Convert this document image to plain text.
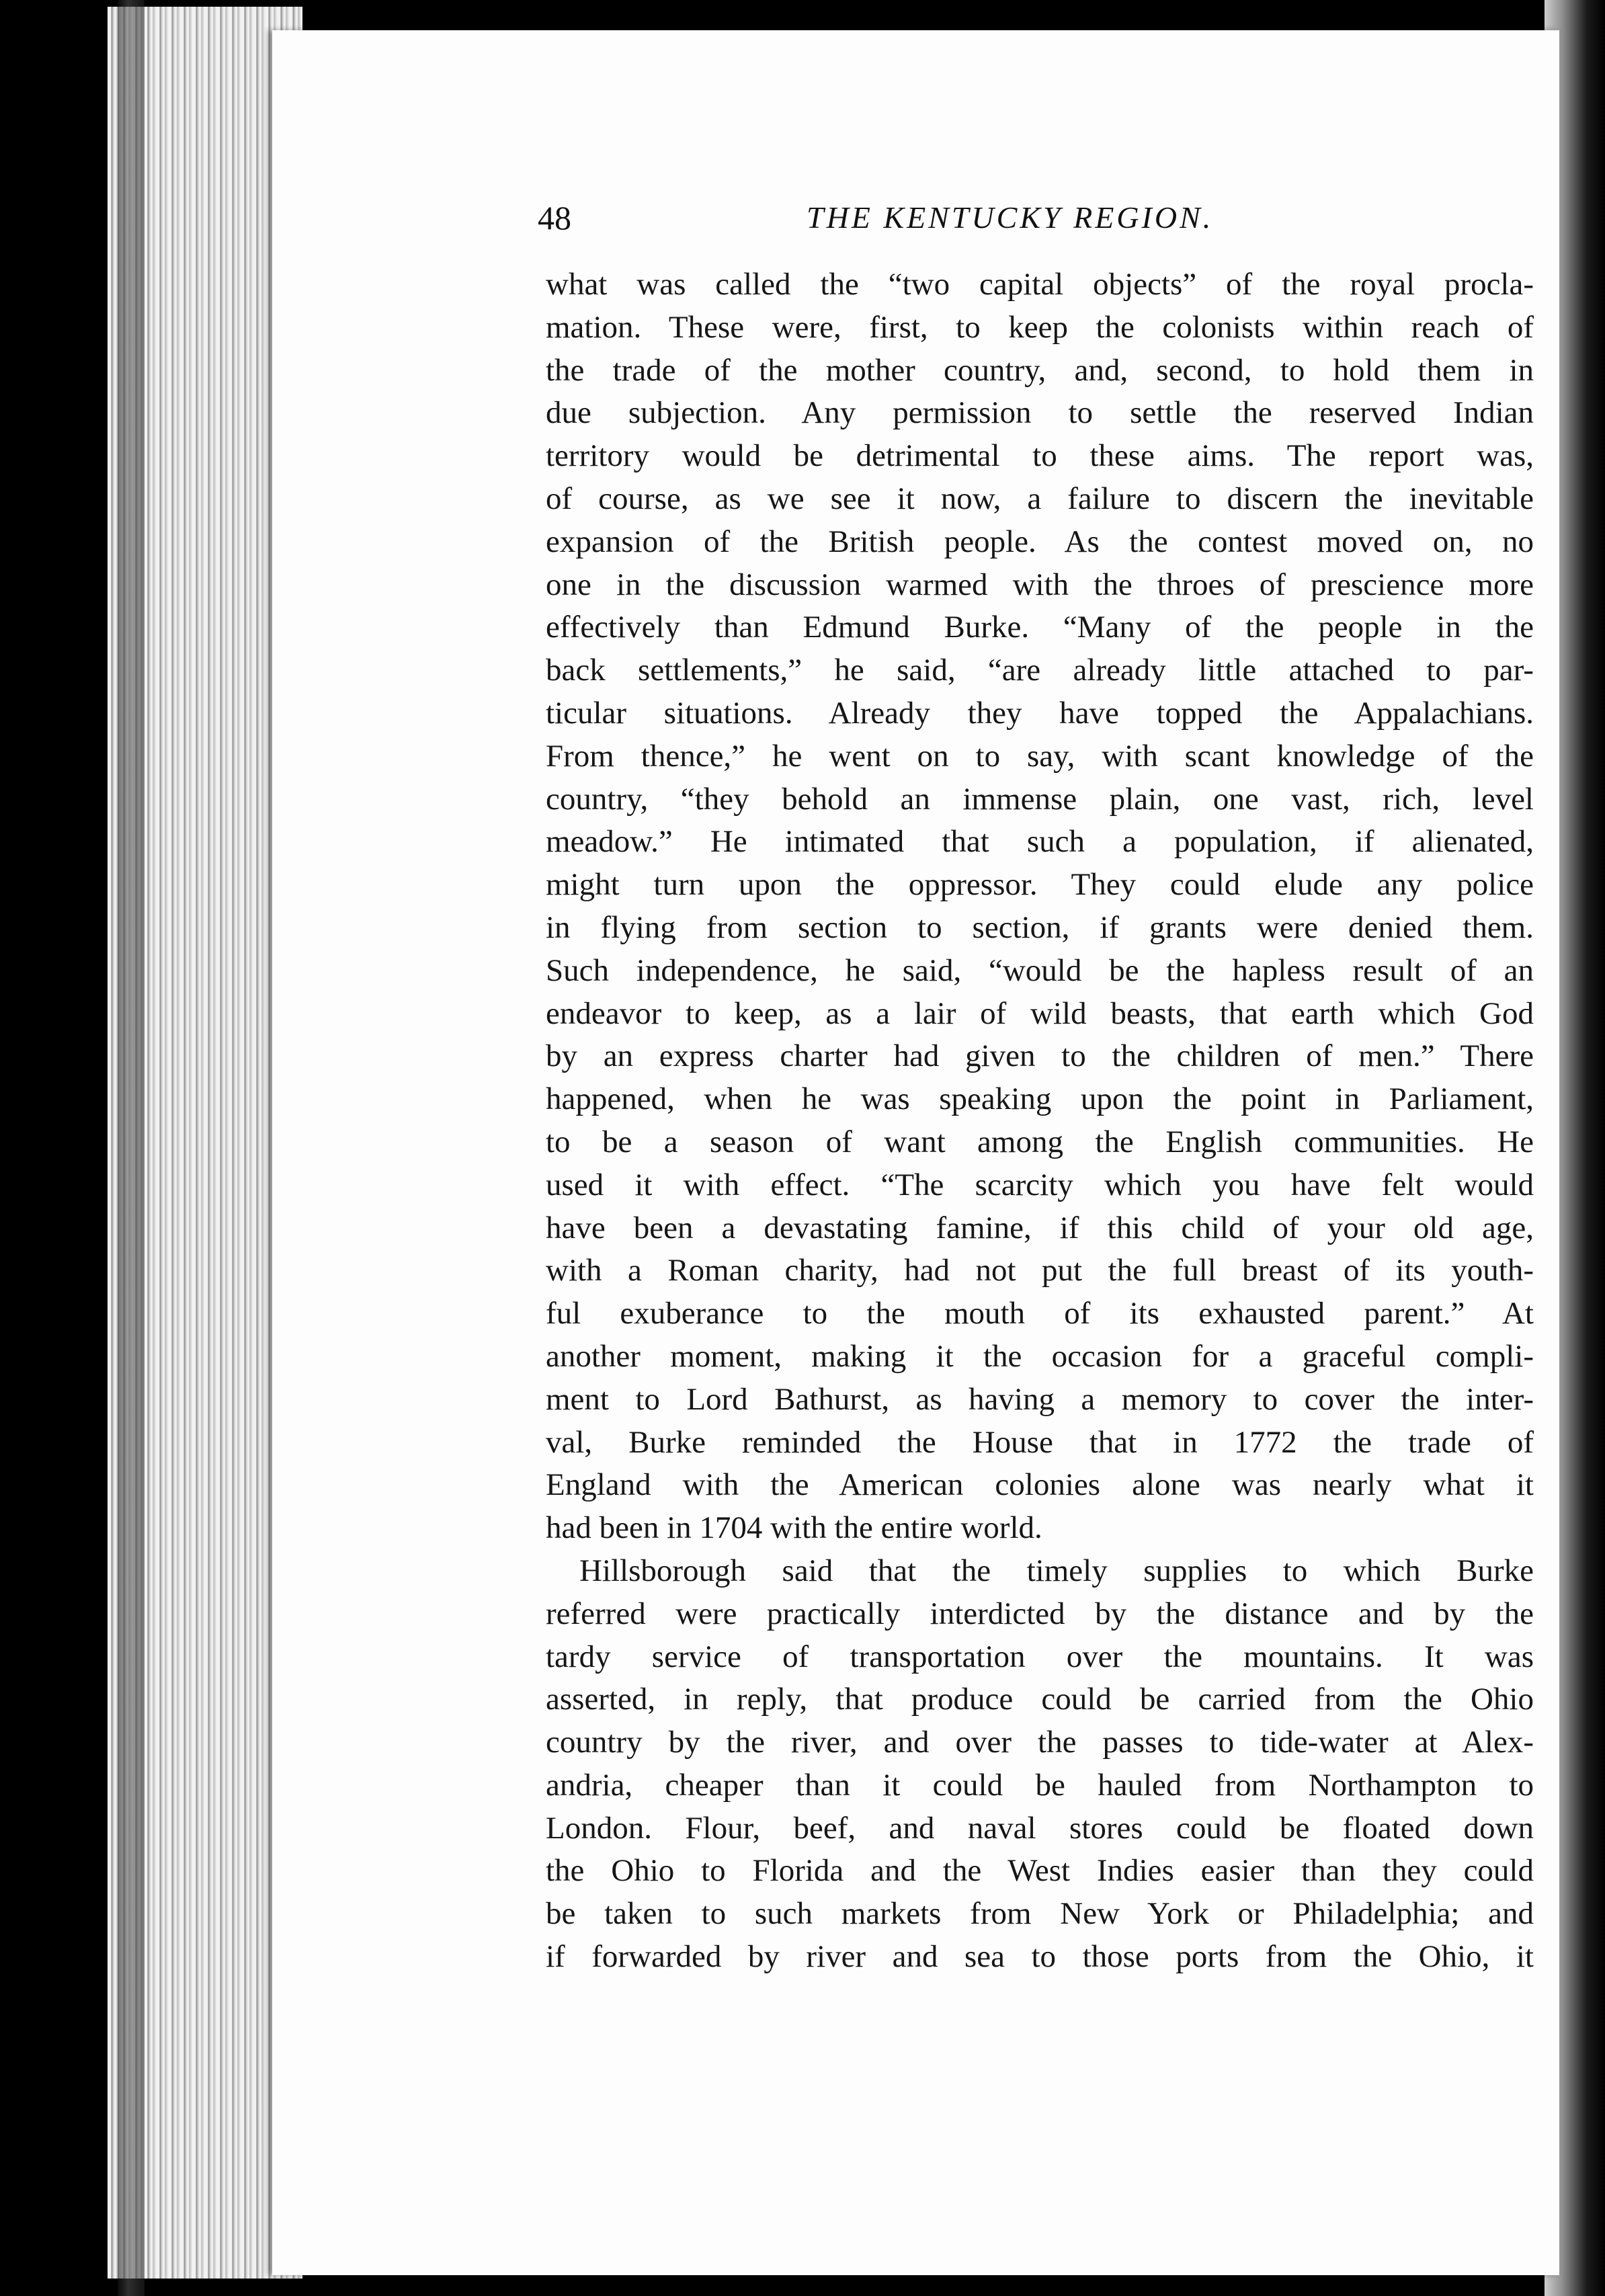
48	THE KENTUCKY REGION.
what was called the “two capital objects” of the royal procla-
mation. These were, first, to keep the colonists within reach of
the trade of the mother country, and, second, to hold them in
due subjection. Any permission to settle the reserved Indian
territory would be detrimental to these aims. The report was,
of course, as we see it now, a failure to discern the inevitable
expansion of the British people. As the contest moved on, no
one in the discussion warmed with the throes of prescience more
effectively than Edmund Burke. “Many of the people in the
back settlements,” he said, “are already little attached to par-
ticular situations. Already they have topped the Appalachians.
From thence,” he went on to say, with scant knowledge of the
country, “they behold an immense plain, one vast, rich, level
meadow.” He intimated that such a population, if alienated,
might turn upon the oppressor. They could elude any police
in flying from section to section, if grants were denied them.
Such independence, he said, “would be the hapless result of an
endeavor to keep, as a lair of wild beasts, that earth which God
by an express charter had given to the children of men.” There
happened, when he was speaking upon the point in Parliament,
to be a season of want among the English communities. He
used it with effect. “The scarcity which you have felt would
have been a devastating famine, if this child of your old age,
with a Roman charity, had not put the full breast of its youth-
ful exuberance to the mouth of its exhausted parent.” At
another moment, making it the occasion for a graceful compli-
ment to Lord Bathurst, as having a memory to cover the inter-
val, Burke reminded the House that in 1772 the trade of
England with the American colonies alone was nearly what it
had been in 1704 with the entire world.
Hillsborough said that the timely supplies to which Burke
referred were practically interdicted by the distance and by the
tardy service of transportation over the mountains. It was
asserted, in reply, that produce could be carried from the Ohio
country by the river, and over the passes to tide-water at Alex-
andria, cheaper than it could be hauled from Northampton to
London. Flour, beef, and naval stores could be floated down
the Ohio to Florida and the West Indies easier than they could
be taken to such markets from New York or Philadelphia; and
if forwarded by river and sea to those ports from the Ohio, it
